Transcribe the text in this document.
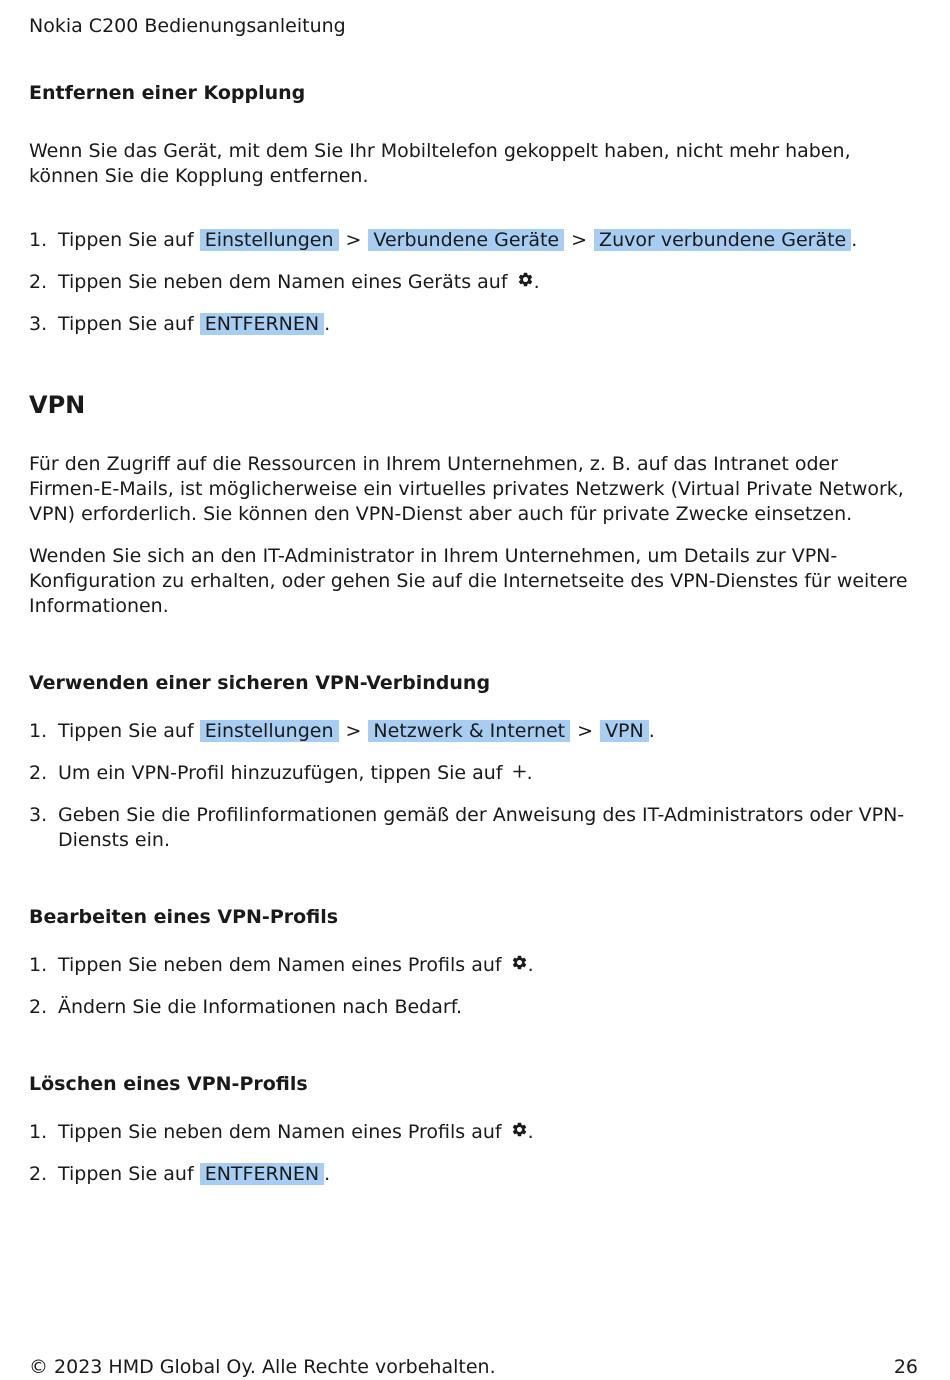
Nokia C200 Bedienungsanleitung
Entfernen einer Kopplung

Wenn Sie das Gerät, mit dem Sie Ihr Mobiltelefon gekoppelt haben, nicht mehr haben, können Sie die Kopplung entfernen.

1. Tippen Sie auf Einstellungen > Verbundene Geräte > Zuvor verbundene Geräte .
2. Tippen Sie neben dem Namen eines Geräts auf .
3. Tippen Sie auf ENTFERNEN .
VPN

Für den Zugriff auf die Ressourcen in Ihrem Unternehmen, z. B. auf das Intranet oder Firmen-E-Mails, ist möglicherweise ein virtuelles privates Netzwerk (Virtual Private Network, VPN) erforderlich. Sie können den VPN-Dienst aber auch für private Zwecke einsetzen.

Wenden Sie sich an den IT-Administrator in Ihrem Unternehmen, um Details zur VPN-Konfiguration zu erhalten, oder gehen Sie auf die Internetseite des VPN-Dienstes für weitere Informationen.

Verwenden einer sicheren VPN-Verbindung
1. Tippen Sie auf Einstellungen > Netzwerk & Internet > VPN .
2. Um ein VPN-Profil hinzuzufügen, tippen Sie auf .
3. Geben Sie die Profilinformationen gemäß der Anweisung des IT-Administrators oder VPN-Diensts ein.
Bearbeiten eines VPN-Profils
1. Tippen Sie neben dem Namen eines Profils auf .
2. Ändern Sie die Informationen nach Bedarf.
Löschen eines VPN-Profils
1. Tippen Sie neben dem Namen eines Profils auf .
2. Tippen Sie auf ENTFERNEN .
© 2023 HMD Global Oy. Alle Rechte vorbehalten.	26
